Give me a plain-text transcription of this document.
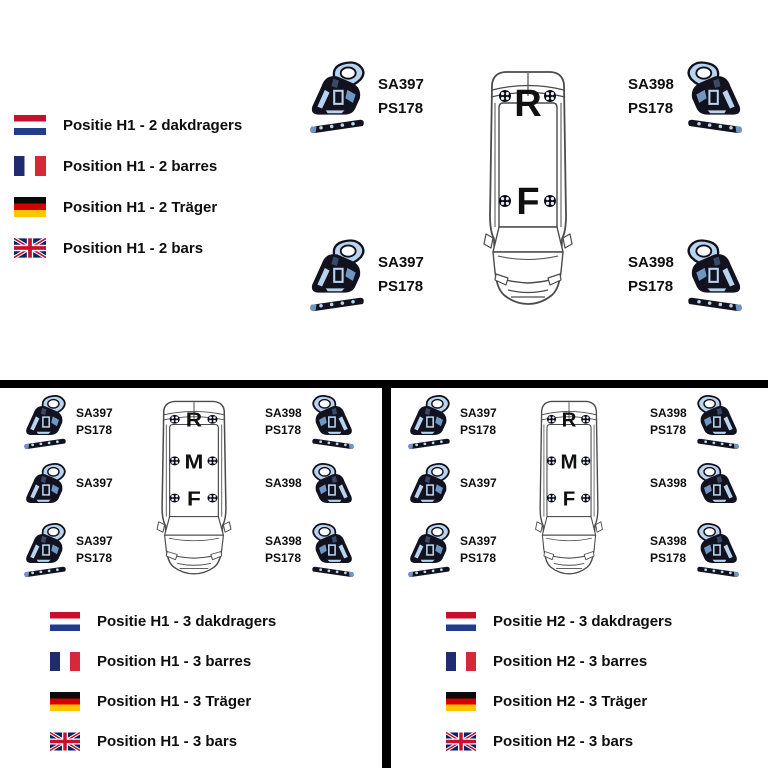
Positie H1 - 2 dakdragers
Position H1 - 2 barres
Position H1 - 2 Träger
Position H1 - 2 bars
SA397
PS178
SA398
PS178
SA397
PS178
SA398
PS178
R
F
SA397
PS178
SA397
SA397
PS178
SA398
PS178
SA398
SA398
PS178
R
M
F
Positie H1 - 3 dakdragers
Position H1 - 3 barres
Position H1 - 3 Träger
Position H1 - 3 bars
SA397
PS178
SA397
SA397
PS178
SA398
PS178
SA398
SA398
PS178
R
M
F
Positie H2 - 3 dakdragers
Position H2 - 3 barres
Position H2 - 3 Träger
Position H2 - 3 bars
